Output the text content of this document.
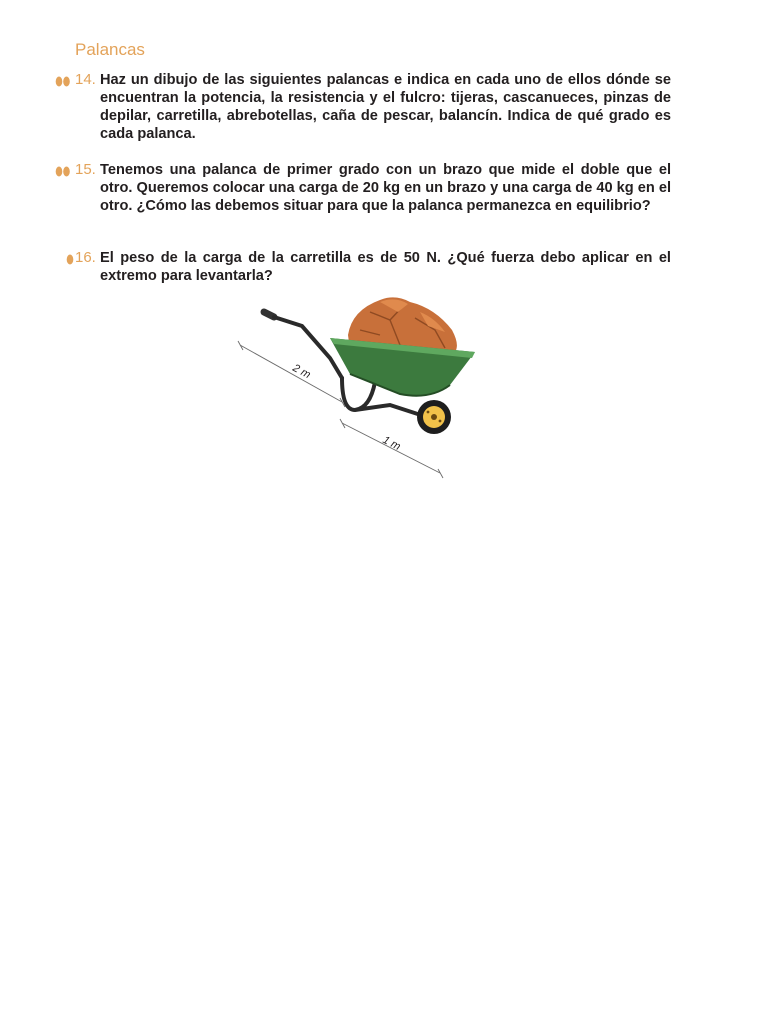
Palancas
14. Haz un dibujo de las siguientes palancas e indica en cada uno de ellos dónde se encuentran la potencia, la resistencia y el fulcro: tijeras, cascanueces, pinzas de depilar, carretilla, abrebotellas, caña de pescar, balancín. Indica de qué grado es cada palanca.

15. Tenemos una palanca de primer grado con un brazo que mide el doble que el otro. Queremos colocar una carga de 20 kg en un brazo y una carga de 40 kg en el otro. ¿Cómo las debemos situar para que la palanca permanezca en equilibrio?

16. El peso de la carga de la carretilla es de 50 N. ¿Qué fuerza debo aplicar en el extremo para levantarla?

2 m
1 m
